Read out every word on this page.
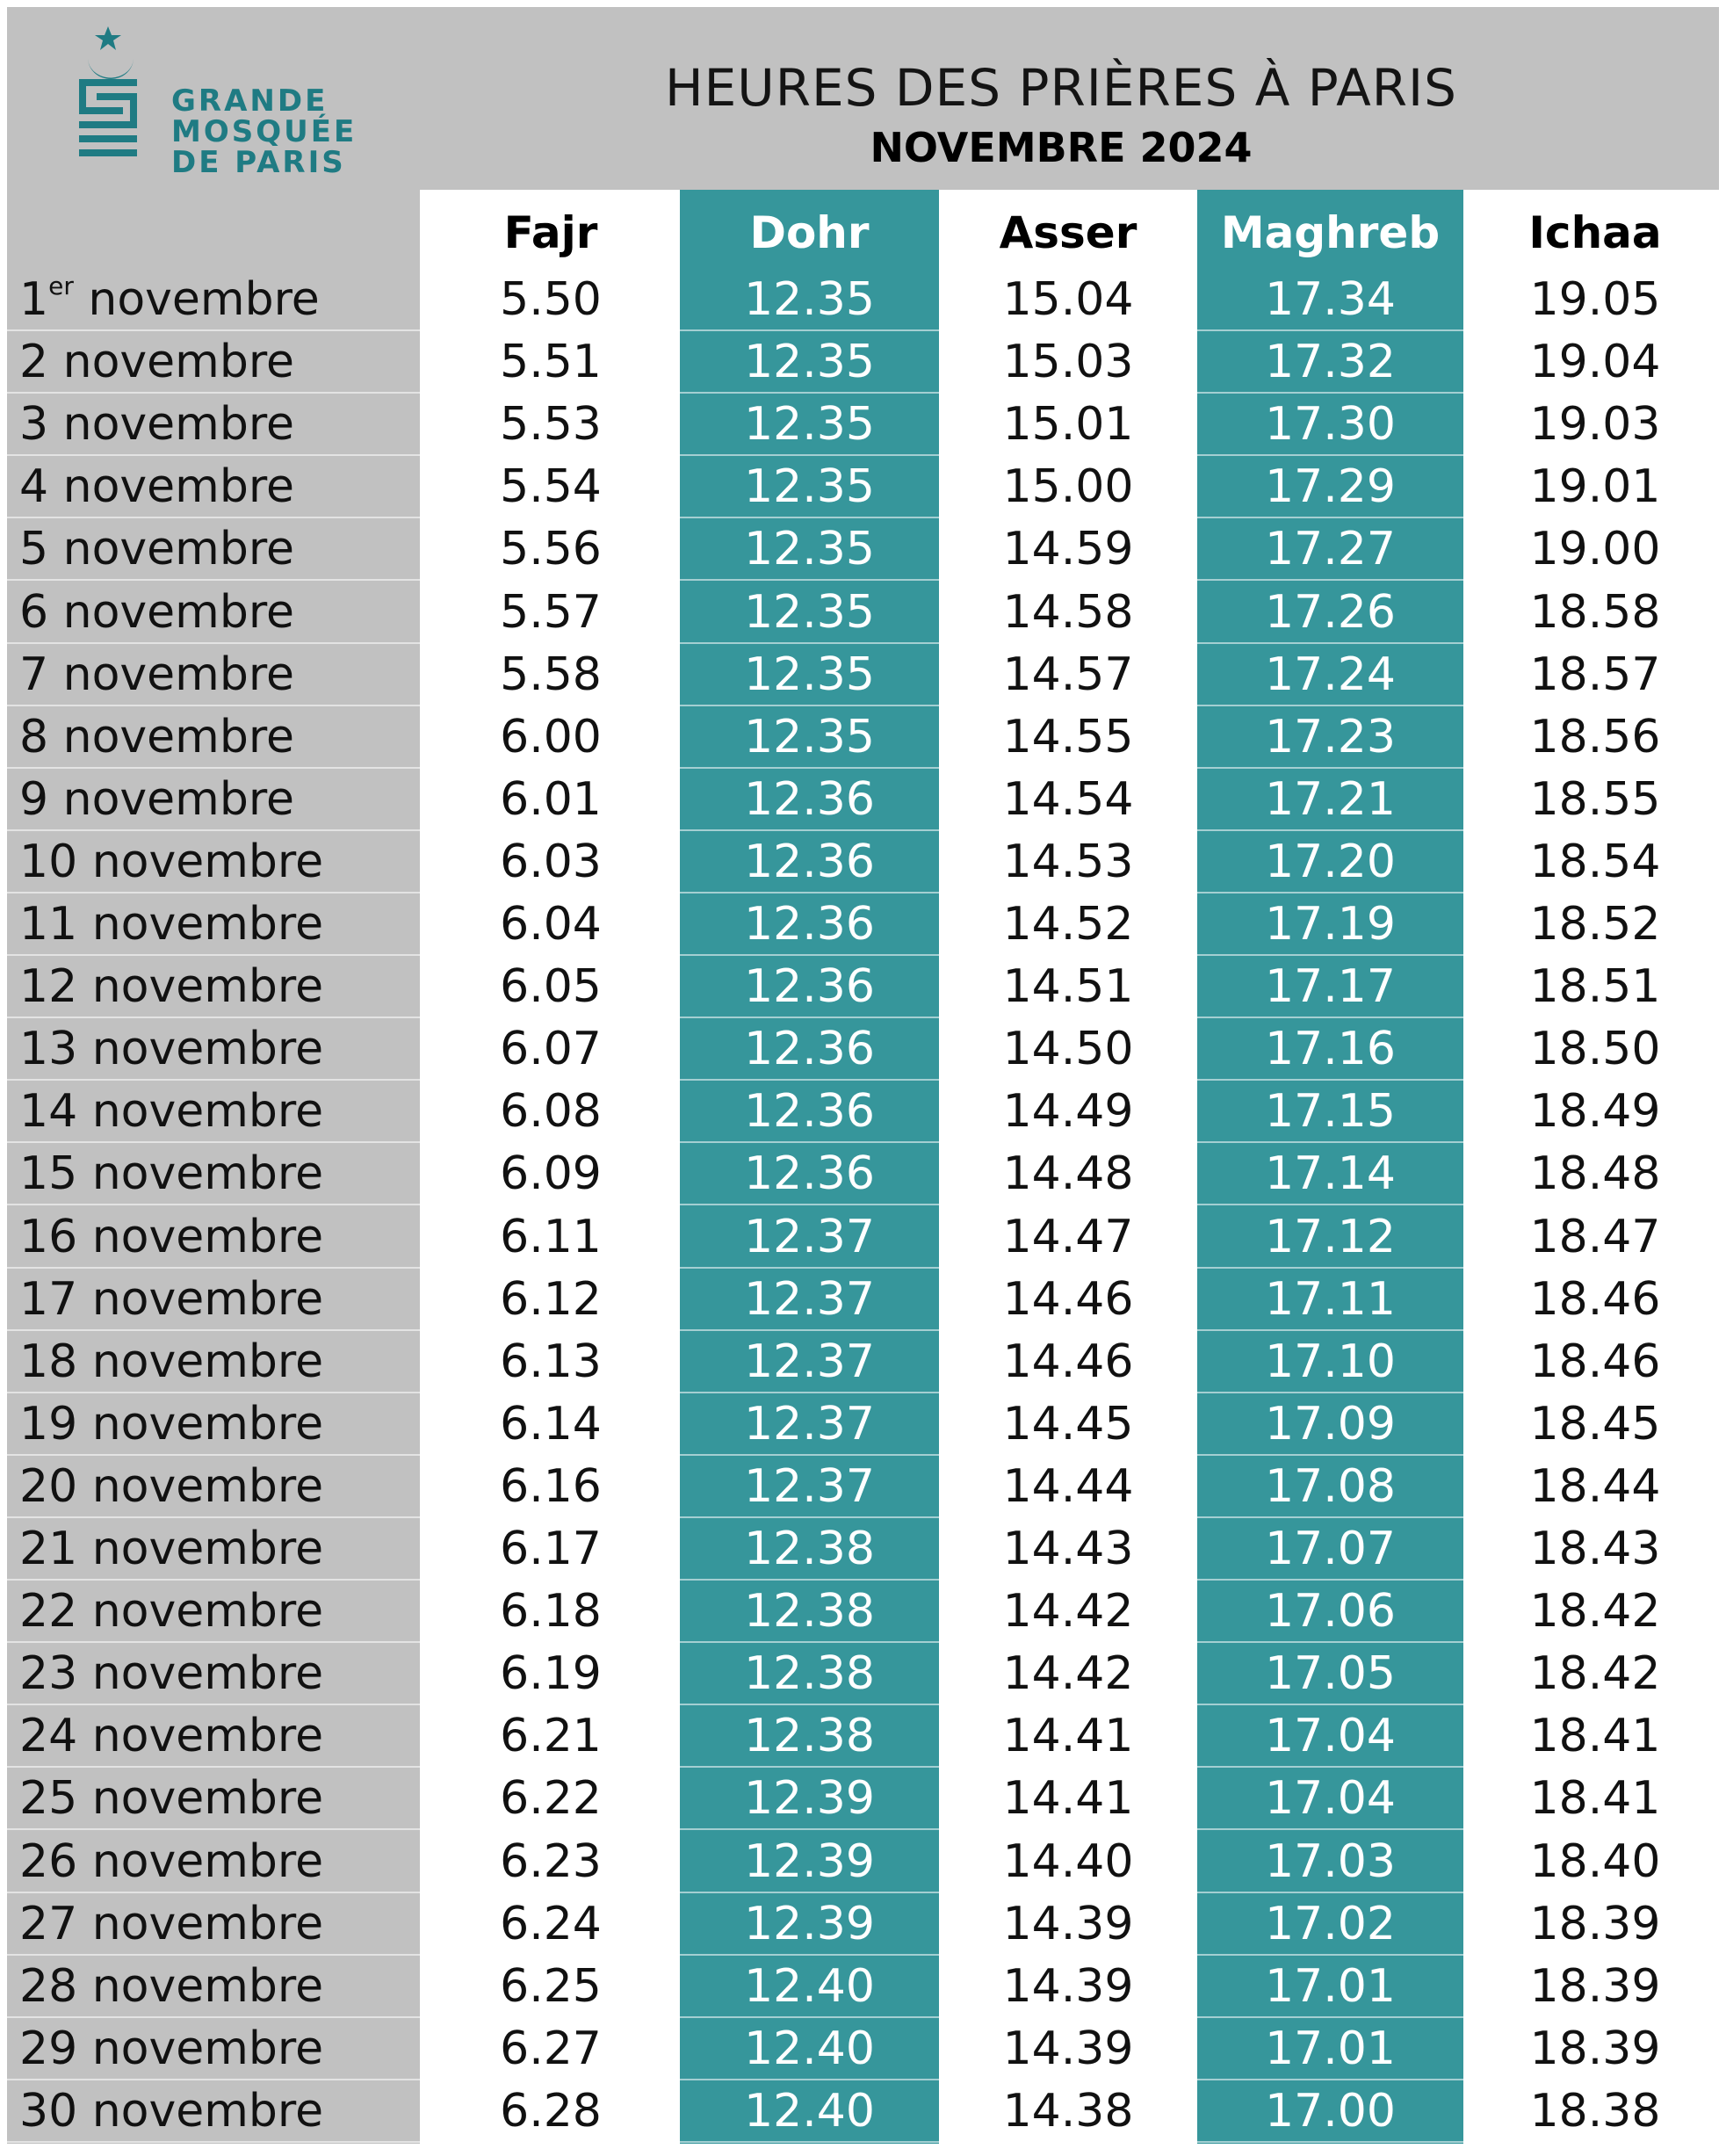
GRANDE
MOSQUÉE
DE PARIS
HEURES DES PRIÈRES À PARIS
NOVEMBRE 2024
Fajr	Dohr	Asser	Maghreb	Ichaa
1er novembre	5.50	12.35	15.04	17.34	19.05
2 novembre	5.51	12.35	15.03	17.32	19.04
3 novembre	5.53	12.35	15.01	17.30	19.03
4 novembre	5.54	12.35	15.00	17.29	19.01
5 novembre	5.56	12.35	14.59	17.27	19.00
6 novembre	5.57	12.35	14.58	17.26	18.58
7 novembre	5.58	12.35	14.57	17.24	18.57
8 novembre	6.00	12.35	14.55	17.23	18.56
9 novembre	6.01	12.36	14.54	17.21	18.55
10 novembre	6.03	12.36	14.53	17.20	18.54
11 novembre	6.04	12.36	14.52	17.19	18.52
12 novembre	6.05	12.36	14.51	17.17	18.51
13 novembre	6.07	12.36	14.50	17.16	18.50
14 novembre	6.08	12.36	14.49	17.15	18.49
15 novembre	6.09	12.36	14.48	17.14	18.48
16 novembre	6.11	12.37	14.47	17.12	18.47
17 novembre	6.12	12.37	14.46	17.11	18.46
18 novembre	6.13	12.37	14.46	17.10	18.46
19 novembre	6.14	12.37	14.45	17.09	18.45
20 novembre	6.16	12.37	14.44	17.08	18.44
21 novembre	6.17	12.38	14.43	17.07	18.43
22 novembre	6.18	12.38	14.42	17.06	18.42
23 novembre	6.19	12.38	14.42	17.05	18.42
24 novembre	6.21	12.38	14.41	17.04	18.41
25 novembre	6.22	12.39	14.41	17.04	18.41
26 novembre	6.23	12.39	14.40	17.03	18.40
27 novembre	6.24	12.39	14.39	17.02	18.39
28 novembre	6.25	12.40	14.39	17.01	18.39
29 novembre	6.27	12.40	14.39	17.01	18.39
30 novembre	6.28	12.40	14.38	17.00	18.38
